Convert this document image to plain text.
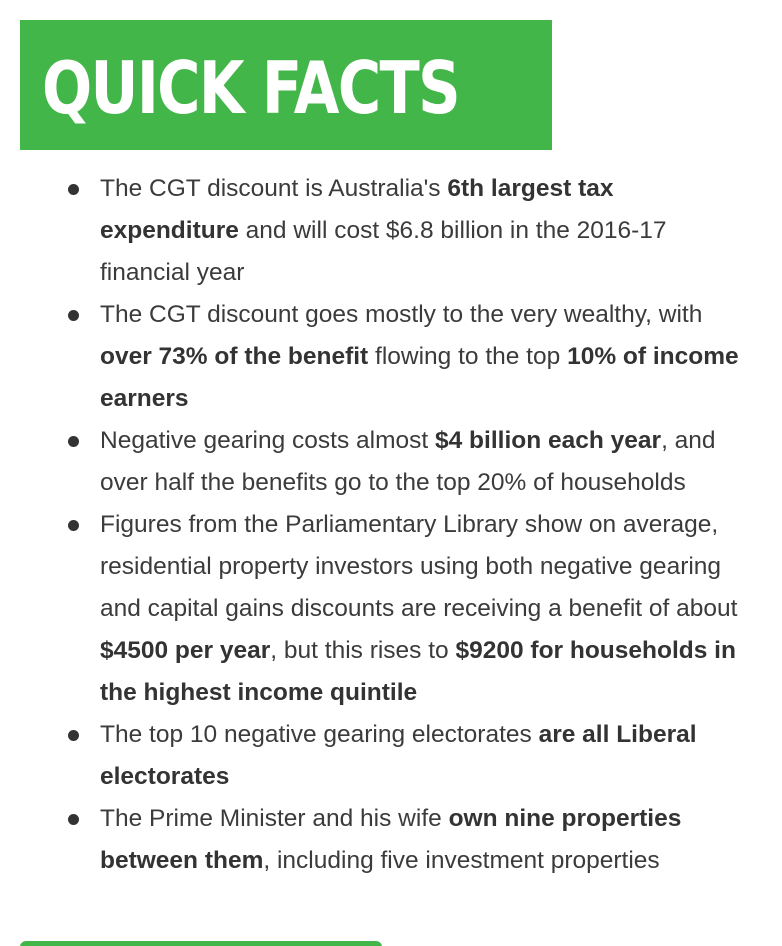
QUICK FACTS
The CGT discount is Australia's 6th largest tax expenditure and will cost $6.8 billion in the 2016-17 financial year
The CGT discount goes mostly to the very wealthy, with over 73% of the benefit flowing to the top 10% of income earners
Negative gearing costs almost $4 billion each year, and over half the benefits go to the top 20% of households
Figures from the Parliamentary Library show on average, residential property investors using both negative gearing and capital gains discounts are receiving a benefit of about $4500 per year, but this rises to $9200 for households in the highest income quintile
The top 10 negative gearing electorates are all Liberal electorates
The Prime Minister and his wife own nine properties between them, including five investment properties
